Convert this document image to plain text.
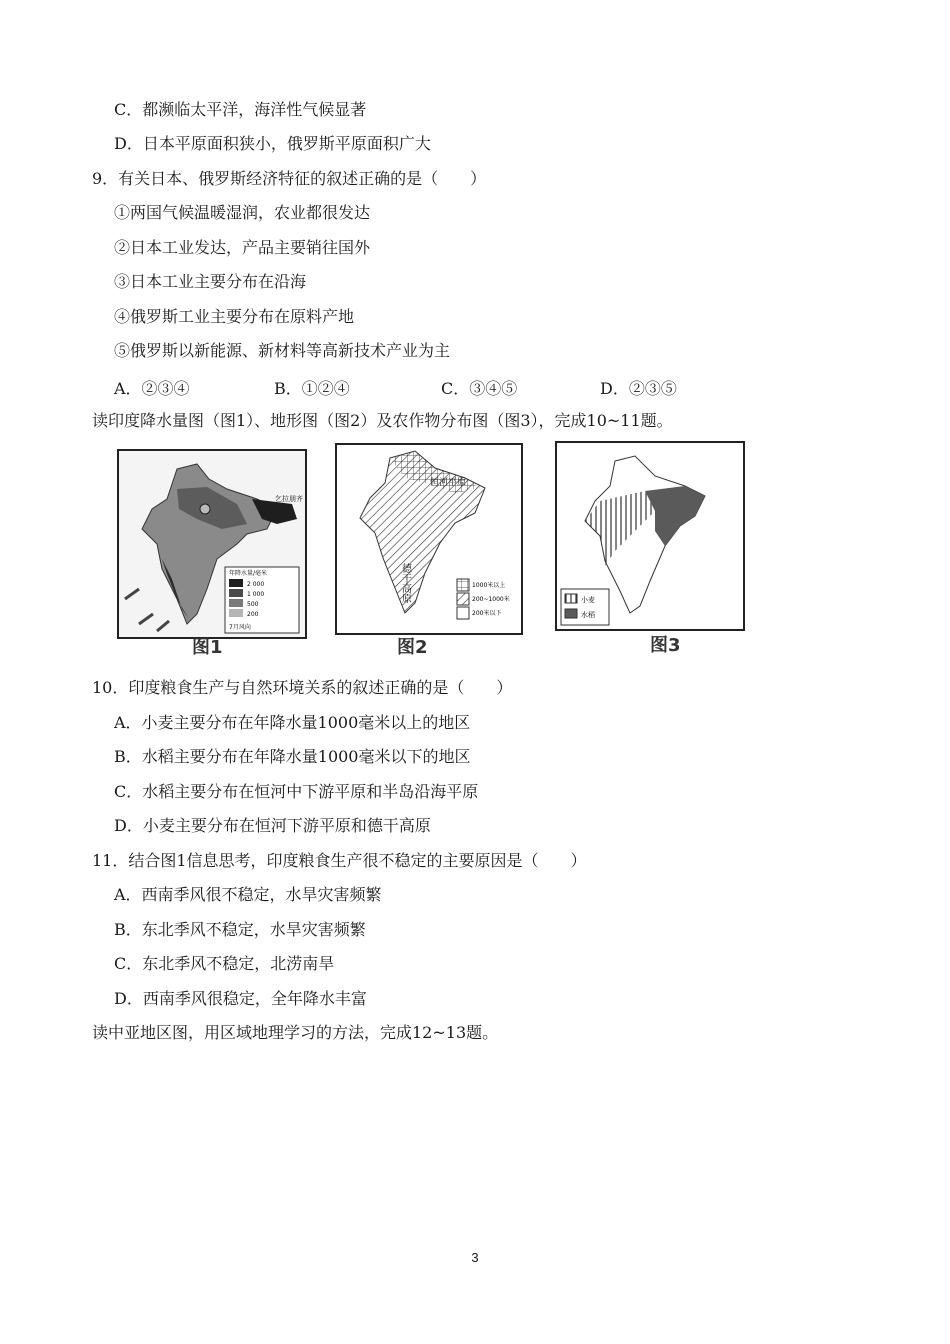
C．都濒临太平洋，海洋性气候显著
D．日本平原面积狭小，俄罗斯平原面积广大
9．有关日本、俄罗斯经济特征的叙述正确的是（　　）
①两国气候温暖湿润，农业都很发达
②日本工业发达，产品主要销往国外
③日本工业主要分布在沿海
④俄罗斯工业主要分布在原料产地
⑤俄罗斯以新能源、新材料等高新技术产业为主
A．②③④	B．①②④	C．③④⑤	D．②③⑤
读印度降水量图（图1）、地形图（图2）及农作物分布图（图3），完成10~11题。
乞拉朋齐
年降水量/毫米
2 000
1 000
500
200
7月风向
图1
恒河平原
德干高原	1000米以上
200~1000米
200米以下
图2
小麦
水稻
图3
10．印度粮食生产与自然环境关系的叙述正确的是（　　）
A．小麦主要分布在年降水量1000毫米以上的地区
B．水稻主要分布在年降水量1000毫米以下的地区
C．水稻主要分布在恒河中下游平原和半岛沿海平原
D．小麦主要分布在恒河下游平原和德干高原
11．结合图1信息思考，印度粮食生产很不稳定的主要原因是（　　）
A．西南季风很不稳定，水旱灾害频繁
B．东北季风不稳定，水旱灾害频繁
C．东北季风不稳定，北涝南旱
D．西南季风很稳定，全年降水丰富
读中亚地区图，用区域地理学习的方法，完成12~13题。
3
